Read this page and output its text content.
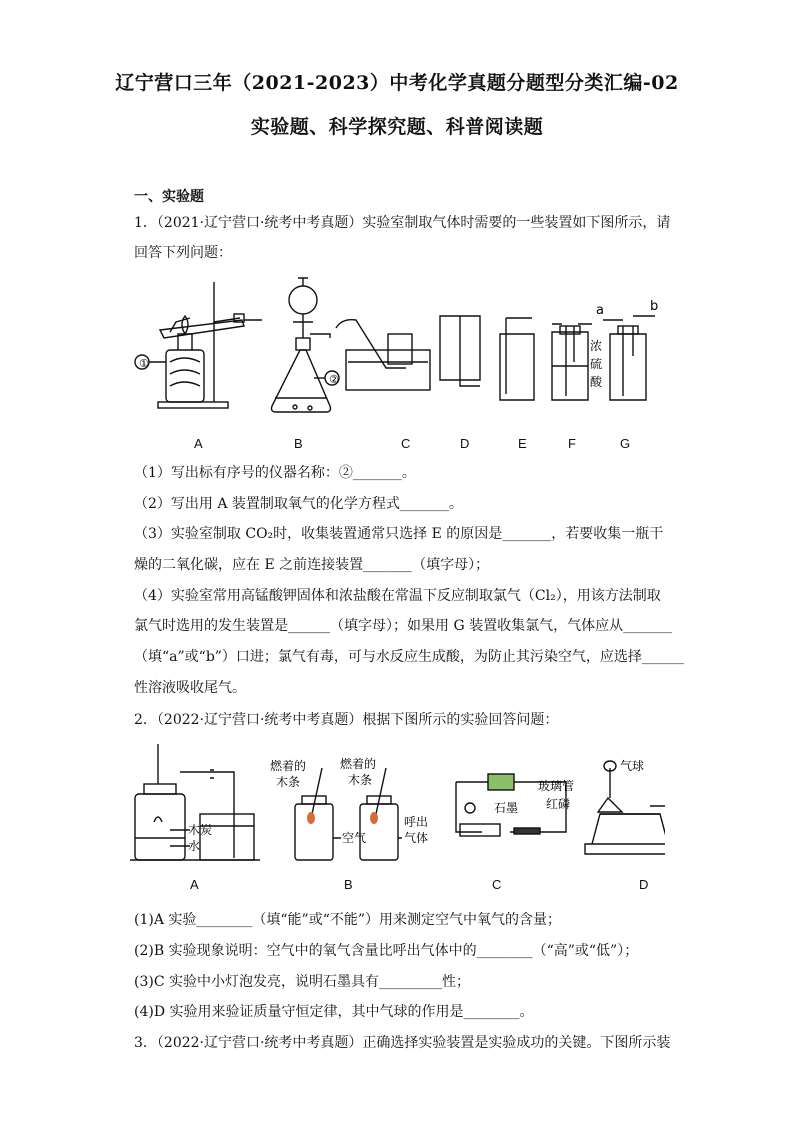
辽宁营口三年（2021-2023）中考化学真题分题型分类汇编-02
实验题、科学探究题、科普阅读题
一、实验题
1．（2021·辽宁营口·统考中考真题）实验室制取气体时需要的一些装置如下图所示，请
回答下列问题：
①
②
a	b
浓
硫
酸
A	B	C	D	E	F	G
（1）写出标有序号的仪器名称：②_______。
（2）写出用 A 装置制取氧气的化学方程式_______。
（3）实验室制取 CO₂时，收集装置通常只选择 E 的原因是_______，若要收集一瓶干
燥的二氧化碳，应在 E 之前连接装置_______（填字母）；
（4）实验室常用高锰酸钾固体和浓盐酸在常温下反应制取氯气（Cl₂），用该方法制取
氯气时选用的发生装置是______（填字母）；如果用 G 装置收集氯气，气体应从_______
（填“a”或“b”）口进；氯气有毒，可与水反应生成酸，为防止其污染空气，应选择______
性溶液吸收尾气。
2．（2022·辽宁营口·统考中考真题）根据下图所示的实验回答问题：
木炭
水
燃着的
木条
燃着的
木条
空气
呼出
气体
石墨
玻璃管
红磷
气球
A	B	C	D
(1)A 实验________（填“能”或“不能”）用来测定空气中氧气的含量；
(2)B 实验现象说明：空气中的氧气含量比呼出气体中的________（“高”或“低”）；
(3)C 实验中小灯泡发亮，说明石墨具有_________性；
(4)D 实验用来验证质量守恒定律，其中气球的作用是________。
3．（2022·辽宁营口·统考中考真题）正确选择实验装置是实验成功的关键。下图所示装
